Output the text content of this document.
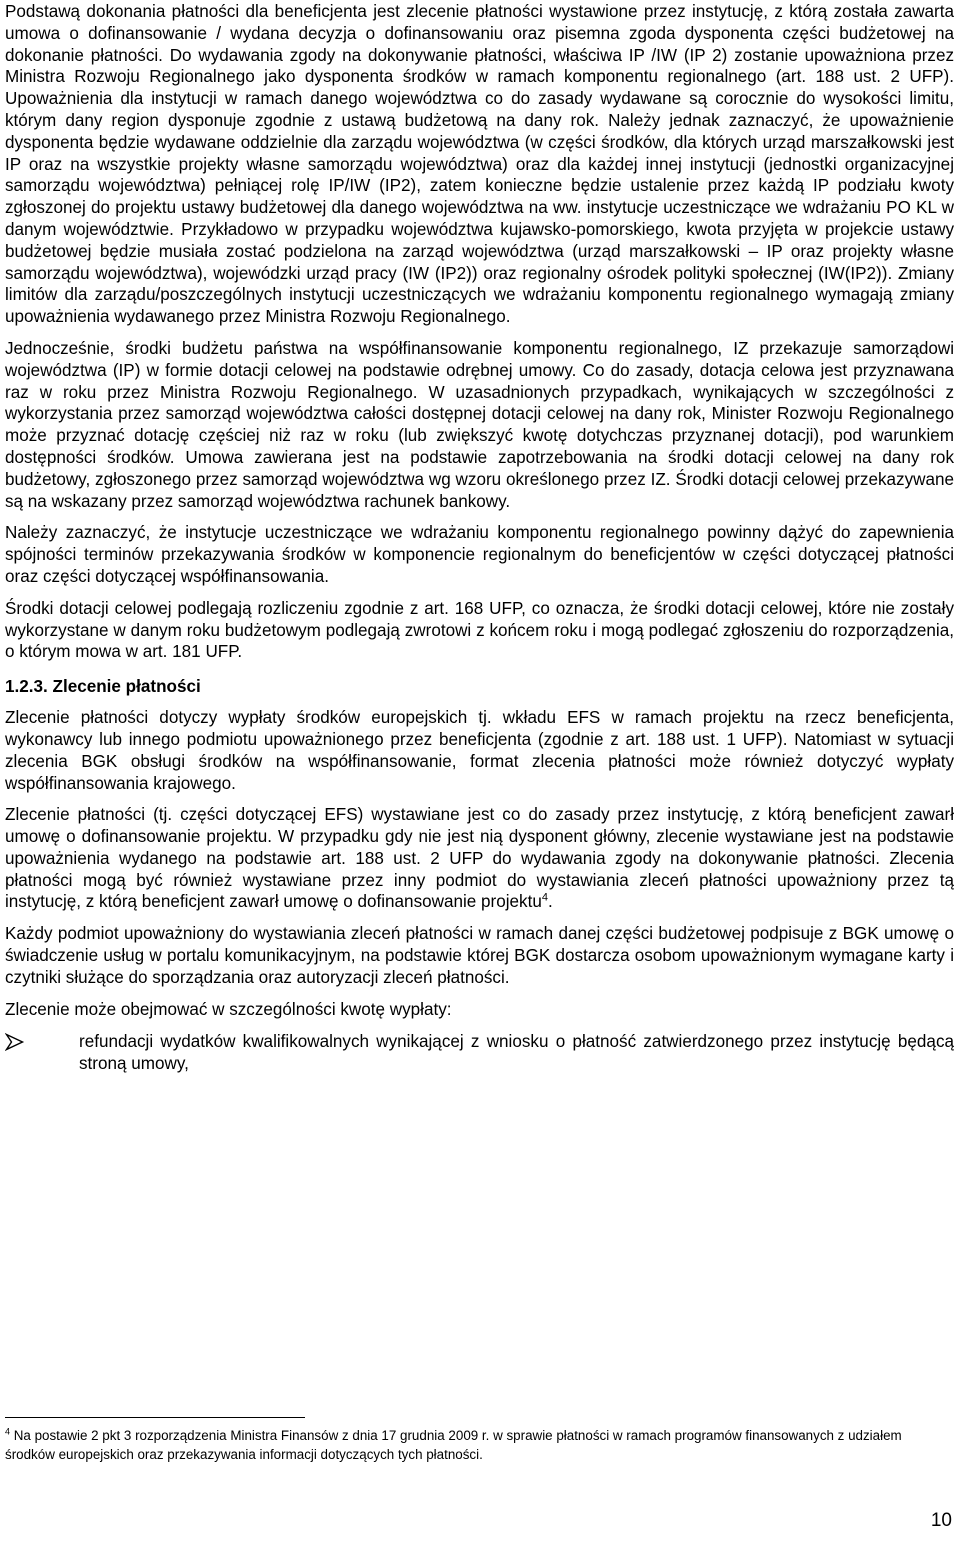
Podstawą dokonania płatności dla beneficjenta jest zlecenie płatności wystawione przez instytucję, z którą została zawarta umowa o dofinansowanie / wydana decyzja o dofinansowaniu oraz pisemna zgoda dysponenta części budżetowej na dokonanie płatności. Do wydawania zgody na dokonywanie płatności, właściwa IP /IW (IP 2) zostanie upoważniona przez Ministra Rozwoju Regionalnego jako dysponenta środków w ramach komponentu regionalnego (art. 188 ust. 2 UFP). Upoważnienia dla instytucji w ramach danego województwa co do zasady wydawane są corocznie do wysokości limitu, którym dany region dysponuje zgodnie z ustawą budżetową na dany rok. Należy jednak zaznaczyć, że upoważnienie dysponenta będzie wydawane oddzielnie dla zarządu województwa (w części środków, dla których urząd marszałkowski jest IP oraz na wszystkie projekty własne samorządu województwa) oraz dla każdej innej instytucji (jednostki organizacyjnej samorządu województwa) pełniącej rolę IP/IW (IP2), zatem konieczne będzie ustalenie przez każdą IP podziału kwoty zgłoszonej do projektu ustawy budżetowej dla danego województwa na ww. instytucje uczestniczące we wdrażaniu PO KL w danym województwie. Przykładowo w przypadku województwa kujawsko-pomorskiego, kwota przyjęta w projekcie ustawy budżetowej będzie musiała zostać podzielona na zarząd województwa (urząd marszałkowski – IP oraz projekty własne samorządu województwa), wojewódzki urząd pracy (IW (IP2)) oraz regionalny ośrodek polityki społecznej (IW(IP2)). Zmiany limitów dla zarządu/poszczególnych instytucji uczestniczących we wdrażaniu komponentu regionalnego wymagają zmiany upoważnienia wydawanego przez Ministra Rozwoju Regionalnego.

Jednocześnie, środki budżetu państwa na współfinansowanie komponentu regionalnego, IZ przekazuje samorządowi województwa (IP) w formie dotacji celowej na podstawie odrębnej umowy. Co do zasady, dotacja celowa jest przyznawana raz w roku przez Ministra Rozwoju Regionalnego. W uzasadnionych przypadkach, wynikających w szczególności z wykorzystania przez samorząd województwa całości dostępnej dotacji celowej na dany rok, Minister Rozwoju Regionalnego może przyznać dotację częściej niż raz w roku (lub zwiększyć kwotę dotychczas przyznanej dotacji), pod warunkiem dostępności środków. Umowa zawierana jest na podstawie zapotrzebowania na środki dotacji celowej na dany rok budżetowy, zgłoszonego przez samorząd województwa wg wzoru określonego przez IZ. Środki dotacji celowej przekazywane są na wskazany przez samorząd województwa rachunek bankowy.

Należy zaznaczyć, że instytucje uczestniczące we wdrażaniu komponentu regionalnego powinny dążyć do zapewnienia spójności terminów przekazywania środków w komponencie regionalnym do beneficjentów w części dotyczącej płatności oraz części dotyczącej współfinansowania.

Środki dotacji celowej podlegają rozliczeniu zgodnie z art. 168 UFP, co oznacza, że środki dotacji celowej, które nie zostały wykorzystane w danym roku budżetowym podlegają zwrotowi z końcem roku i mogą podlegać zgłoszeniu do rozporządzenia, o którym mowa w art. 181 UFP.

1.2.3. Zlecenie płatności

Zlecenie płatności dotyczy wypłaty środków europejskich tj. wkładu EFS w ramach projektu na rzecz beneficjenta, wykonawcy lub innego podmiotu upoważnionego przez beneficjenta (zgodnie z art. 188 ust. 1 UFP). Natomiast w sytuacji zlecenia BGK obsługi środków na współfinansowanie, format zlecenia płatności może również dotyczyć wypłaty współfinansowania krajowego.

Zlecenie płatności (tj. części dotyczącej EFS) wystawiane jest co do zasady przez instytucję, z którą beneficjent zawarł umowę o dofinansowanie projektu. W przypadku gdy nie jest nią dysponent główny, zlecenie wystawiane jest na podstawie upoważnienia wydanego na podstawie art. 188 ust. 2 UFP do wydawania zgody na dokonywanie płatności. Zlecenia płatności mogą być również wystawiane przez inny podmiot do wystawiania zleceń płatności upoważniony przez tą instytucję, z którą beneficjent zawarł umowę o dofinansowanie projektu$^4$.

Każdy podmiot upoważniony do wystawiania zleceń płatności w ramach danej części budżetowej podpisuje z BGK umowę o świadczenie usług w portalu komunikacyjnym, na podstawie której BGK dostarcza osobom upoważnionym wymagane karty i czytniki służące do sporządzania oraz autoryzacji zleceń płatności.

Zlecenie może obejmować w szczególności kwotę wypłaty:

refundacji wydatków kwalifikowalnych wynikającej z wniosku o płatność zatwierdzonego przez instytucję będącą stroną umowy,
$^4$ Na postawie 2 pkt 3 rozporządzenia Ministra Finansów z dnia 17 grudnia 2009 r. w sprawie płatności w ramach programów finansowanych z udziałem środków europejskich oraz przekazywania informacji dotyczących tych płatności.
10
